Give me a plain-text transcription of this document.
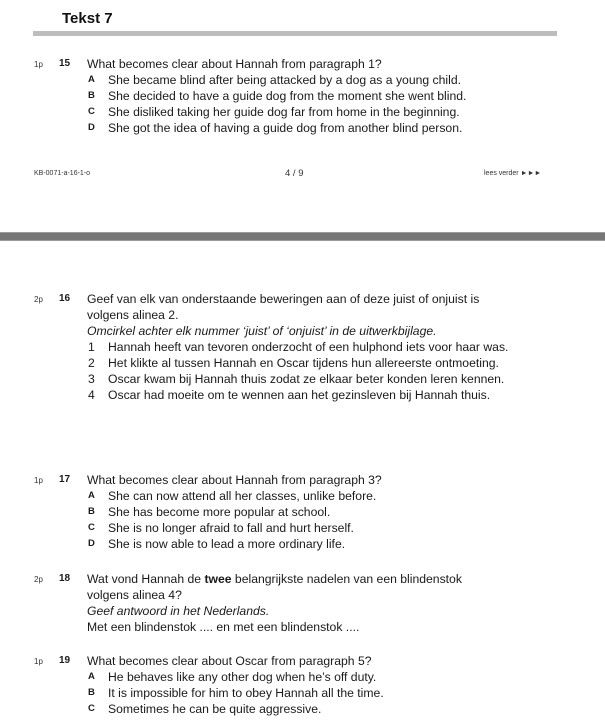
Tekst 7
1p 15 What becomes clear about Hannah from paragraph 1?
A She became blind after being attacked by a dog as a young child.
B She decided to have a guide dog from the moment she went blind.
C She disliked taking her guide dog far from home in the beginning.
D She got the idea of having a guide dog from another blind person.
KB-0071-a-16-1-o	4 / 9	lees verder ►►►
2p 16 Geef van elk van onderstaande beweringen aan of deze juist of onjuist is
volgens alinea 2.
Omcirkel achter elk nummer ‘juist’ of ‘onjuist’ in de uitwerkbijlage.
1 Hannah heeft van tevoren onderzocht of een hulphond iets voor haar was.
2 Het klikte al tussen Hannah en Oscar tijdens hun allereerste ontmoeting.
3 Oscar kwam bij Hannah thuis zodat ze elkaar beter konden leren kennen.
4 Oscar had moeite om te wennen aan het gezinsleven bij Hannah thuis.
1p 17 What becomes clear about Hannah from paragraph 3?
A She can now attend all her classes, unlike before.
B She has become more popular at school.
C She is no longer afraid to fall and hurt herself.
D She is now able to lead a more ordinary life.
2p 18 Wat vond Hannah de twee belangrijkste nadelen van een blindenstok
volgens alinea 4?
Geef antwoord in het Nederlands.
Met een blindenstok .... en met een blindenstok ....
1p 19 What becomes clear about Oscar from paragraph 5?
A He behaves like any other dog when he’s off duty.
B It is impossible for him to obey Hannah all the time.
C Sometimes he can be quite aggressive.
